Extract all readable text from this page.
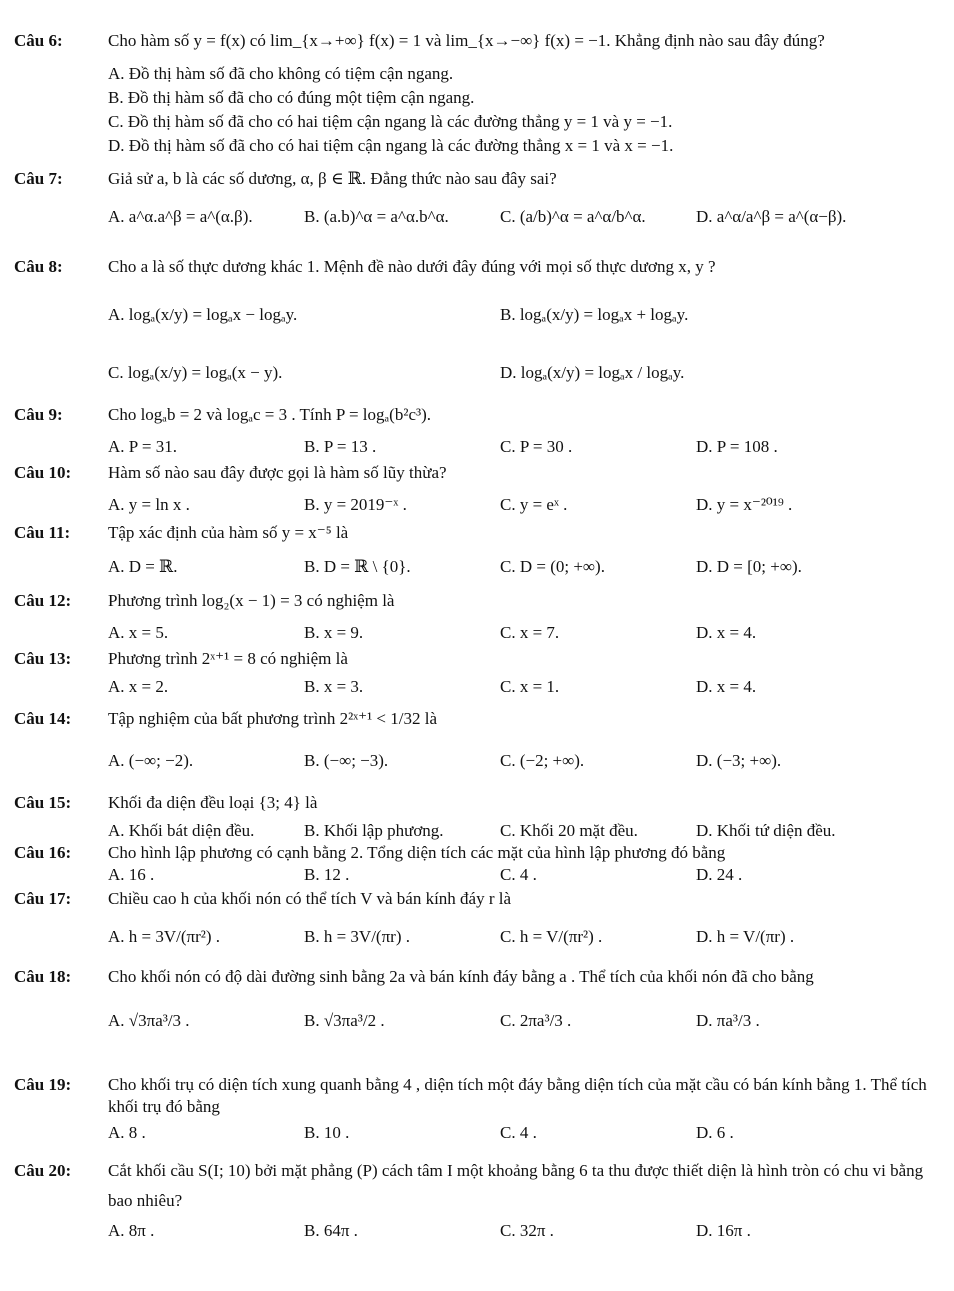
Câu 6:	Cho hàm số y = f(x) có lim_{x→+∞} f(x) = 1 và lim_{x→−∞} f(x) = −1. Khẳng định nào sau đây đúng?
A. Đồ thị hàm số đã cho không có tiệm cận ngang.
B. Đồ thị hàm số đã cho có đúng một tiệm cận ngang.
C. Đồ thị hàm số đã cho có hai tiệm cận ngang là các đường thẳng y = 1 và y = −1.
D. Đồ thị hàm số đã cho có hai tiệm cận ngang là các đường thẳng x = 1 và x = −1.
Câu 7:	Giả sử a, b là các số dương, α, β ∈ ℝ. Đẳng thức nào sau đây sai?
A. a^α.a^β = a^(α.β).	B. (a.b)^α = a^α.b^α.	C. (a/b)^α = a^α/b^α.	D. a^α/a^β = a^(α−β).
Câu 8:	Cho a là số thực dương khác 1. Mệnh đề nào dưới đây đúng với mọi số thực dương x, y ?
A. logₐ(x/y) = logₐx − logₐy.	B. logₐ(x/y) = logₐx + logₐy.
C. logₐ(x/y) = logₐ(x − y).	D. logₐ(x/y) = logₐx / logₐy.
Câu 9:	Cho logₐb = 2 và logₐc = 3 . Tính P = logₐ(b²c³).
A. P = 31.	B. P = 13 .	C. P = 30 .	D. P = 108 .
Câu 10: Hàm số nào sau đây được gọi là hàm số lũy thừa?
A. y = ln x .	B. y = 2019⁻ˣ .	C. y = eˣ .	D. y = x⁻²⁰¹⁹ .
Câu 11: Tập xác định của hàm số y = x⁻⁵ là
A. D = ℝ.	B. D = ℝ \ {0}.	C. D = (0; +∞).	D. D = [0; +∞).
Câu 12: Phương trình log₂(x − 1) = 3 có nghiệm là
A. x = 5.	B. x = 9.	C. x = 7.	D. x = 4.
Câu 13: Phương trình 2ˣ⁺¹ = 8 có nghiệm là
A. x = 2.	B. x = 3.	C. x = 1.	D. x = 4.
Câu 14: Tập nghiệm của bất phương trình 2²ˣ⁺¹ < 1/32 là
A. (−∞; −2).	B. (−∞; −3).	C. (−2; +∞).	D. (−3; +∞).
Câu 15: Khối đa diện đều loại {3; 4} là
A. Khối bát diện đều.	B. Khối lập phương.	C. Khối 20 mặt đều.	D. Khối tứ diện đều.
Câu 16: Cho hình lập phương có cạnh bằng 2. Tổng diện tích các mặt của hình lập phương đó bằng
A. 16 .	B. 12 .	C. 4 .	D. 24 .
Câu 17: Chiều cao h của khối nón có thể tích V và bán kính đáy r là
A. h = 3V/(πr²) .	B. h = 3V/(πr) .	C. h = V/(πr²) .	D. h = V/(πr) .
Câu 18:	Cho khối nón có độ dài đường sinh bằng 2a và bán kính đáy bằng a . Thể tích của khối nón đã cho bằng
A. √3πa³/3 .	B. √3πa³/2 .	C. 2πa³/3 .	D. πa³/3 .
Câu 19:	Cho khối trụ có diện tích xung quanh bằng 4 , diện tích một đáy bằng diện tích của mặt cầu có bán kính bằng 1. Thể tích khối trụ đó bằng
A. 8 .	B. 10 .	C. 4 .	D. 6 .
Câu 20:	Cắt khối cầu S(I; 10) bởi mặt phẳng (P) cách tâm I một khoảng bằng 6 ta thu được thiết diện là hình tròn có chu vi bằng bao nhiêu?
A. 8π .	B. 64π .	C. 32π .	D. 16π .
